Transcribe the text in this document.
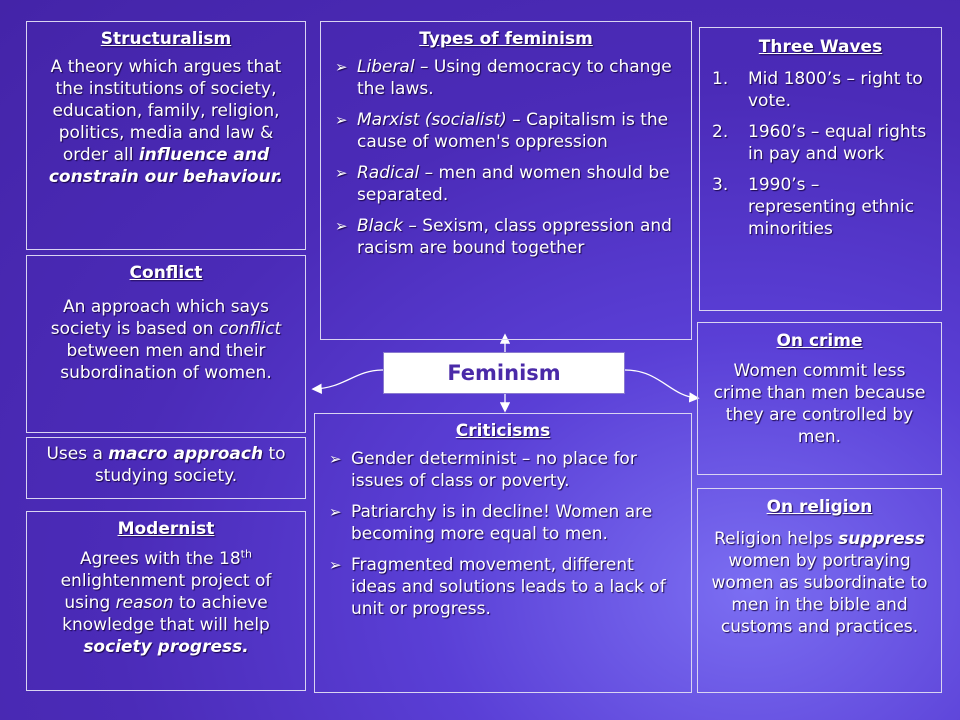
Structuralism

A theory which argues that the institutions of society, education, family, religion, politics, media and law & order all influence and constrain our behaviour.

Conflict

An approach which says society is based on conflict between men and their subordination of women.

Uses a macro approach to studying society.

Modernist

Agrees with the 18th enlightenment project of using reason to achieve knowledge that will help society progress.

Types of feminism
➢ Liberal – Using democracy to change the laws.
➢ Marxist (socialist) – Capitalism is the cause of women's oppression
➢ Radical – men and women should be separated.
➢ Black – Sexism, class oppression and racism are bound together
Feminism
Criticisms
➢ Gender determinist – no place for issues of class or poverty.
➢ Patriarchy is in decline! Women are becoming more equal to men.
➢ Fragmented movement, different ideas and solutions leads to a lack of unit or progress.
Three Waves
1. Mid 1800’s – right to vote.
2. 1960’s – equal rights in pay and work
3. 1990’s – representing ethnic minorities
On crime

Women commit less crime than men because they are controlled by men.

On religion

Religion helps suppress women by portraying women as subordinate to men in the bible and customs and practices.
